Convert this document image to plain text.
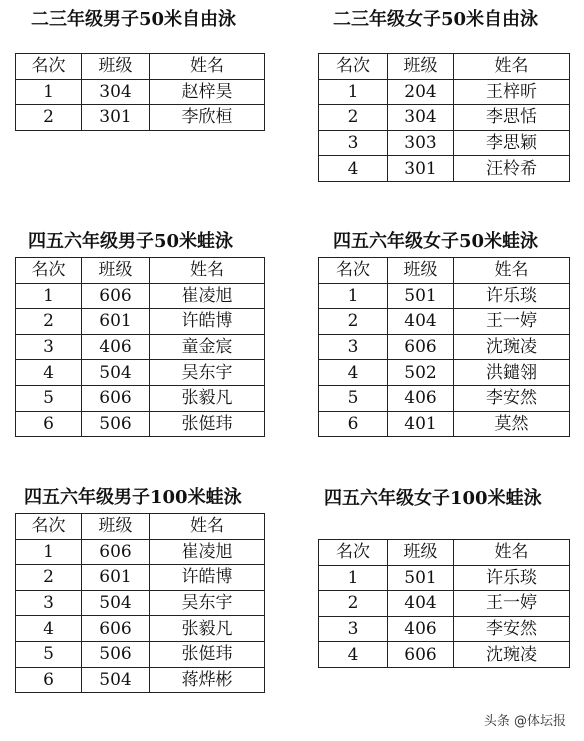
二三年级男子50米自由泳
名次	班级	姓名
1	304	赵梓昊
2	301	李欣桓
二三年级女子50米自由泳
名次	班级	姓名
1	204	王梓昕
2	304	李思恬
3	303	李思颖
4	301	汪柃希
四五六年级男子50米蛙泳
名次	班级	姓名
1	606	崔凌旭
2	601	许皓博
3	406	童金宸
4	504	吴东宇
5	606	张毅凡
6	506	张侹玮
四五六年级女子50米蛙泳
名次	班级	姓名
1	501	许乐琰
2	404	王一婷
3	606	沈琬凌
4	502	洪鑓翎
5	406	李安然
6	401	莫然
四五六年级男子100米蛙泳
名次	班级	姓名
1	606	崔凌旭
2	601	许皓博
3	504	吴东宇
4	606	张毅凡
5	506	张侹玮
6	504	蒋烨彬
四五六年级女子100米蛙泳
名次	班级	姓名
1	501	许乐琰
2	404	王一婷
3	406	李安然
4	606	沈琬凌
头条 @体坛报
